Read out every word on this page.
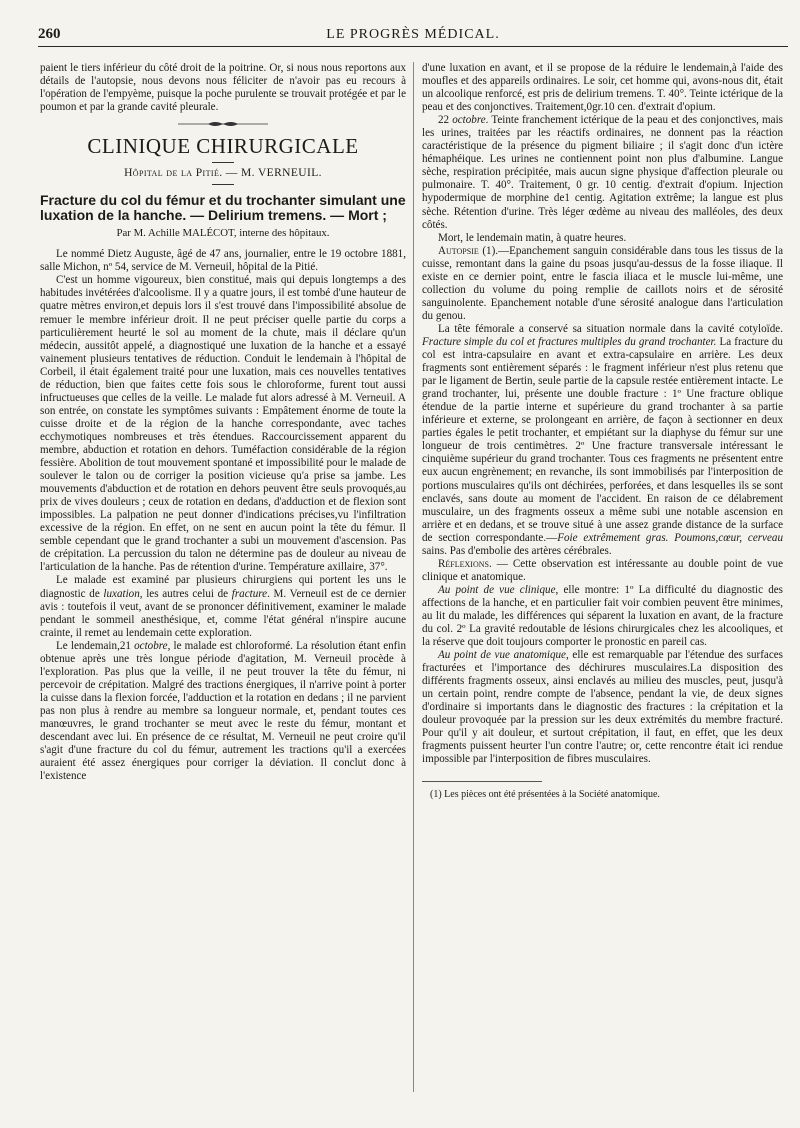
260	LE PROGRÈS MÉDICAL.

paient le tiers inférieur du côté droit de la poitrine. Or, si nous nous reportons aux détails de l'autopsie, nous devons nous féliciter de n'avoir pas eu recours à l'opération de l'empyème, puisque la poche purulente se trouvait protégée et par le poumon et par la grande cavité pleurale.

CLINIQUE CHIRURGICALE
Hôpital de la Pitié. — M. VERNEUIL.
Fracture du col du fémur et du trochanter simulant une luxation de la hanche. — Delirium tremens. — Mort ;
Par M. Achille MALÉCOT, interne des hôpitaux.

Le nommé Dietz Auguste, âgé de 47 ans, journalier, entre le 19 octobre 1881, salle Michon, nº 54, service de M. Verneuil, hôpital de la Pitié.

C'est un homme vigoureux, bien constitué, mais qui depuis longtemps a des habitudes invétérées d'alcoolisme. Il y a quatre jours, il est tombé d'une hauteur de quatre mètres environ,et depuis lors il s'est trouvé dans l'impossibilité absolue de remuer le membre inférieur droit. Il ne peut préciser quelle partie du corps a particulièrement heurté le sol au moment de la chute, mais il déclare qu'un médecin, aussitôt appelé, a diagnostiqué une luxation de la hanche et a essayé vainement plusieurs tentatives de réduction. Conduit le lendemain à l'hôpital de Corbeil, il était également traité pour une luxation, mais ces nouvelles tentatives de réduction, bien que faites cette fois sous le chloroforme, furent tout aussi infructueuses que celles de la veille. Le malade fut alors adressé à M. Verneuil. A son entrée, on constate les symptômes suivants : Empâtement énorme de toute la cuisse droite et de la région de la hanche correspondante, avec taches ecchymotiques nombreuses et très étendues. Raccourcissement apparent du membre, abduction et rotation en dehors. Tuméfaction considérable de la région fessière. Abolition de tout mouvement spontané et impossibilité pour le malade de soulever le talon ou de corriger la position vicieuse qu'a prise sa jambe. Les mouvements d'abduction et de rotation en dehors peuvent être seuls provoqués,au prix de vives douleurs ; ceux de rotation en dedans, d'adduction et de flexion sont impossibles. La palpation ne peut donner d'indications précises,vu l'infiltration excessive de la région. En effet, on ne sent en aucun point la tête du fémur. Il semble cependant que le grand trochanter a subi un mouvement d'ascension. Pas de crépitation. La percussion du talon ne détermine pas de douleur au niveau de l'articulation de la hanche. Pas de rétention d'urine. Température axillaire, 37°.

Le malade est examiné par plusieurs chirurgiens qui portent les uns le diagnostic de luxation, les autres celui de fracture. M. Verneuil est de ce dernier avis : toutefois il veut, avant de se prononcer définitivement, examiner le malade pendant le sommeil anesthésique, et, comme l'état général n'inspire aucune crainte, il remet au lendemain cette exploration.

Le lendemain,21 octobre, le malade est chloroformé. La résolution étant enfin obtenue après une très longue période d'agitation, M. Verneuil procède à l'exploration. Pas plus que la veille, il ne peut trouver la tête du fémur, ni percevoir de crépitation. Malgré des tractions énergiques, il n'arrive point à porter la cuisse dans la flexion forcée, l'adduction et la rotation en dedans ; il ne parvient pas non plus à rendre au membre sa longueur normale, et, pendant toutes ces manœuvres, le grand trochanter se meut avec le reste du fémur, montant et descendant avec lui. En présence de ce résultat, M. Verneuil ne peut croire qu'il s'agit d'une fracture du col du fémur, autrement les tractions qu'il a exercées auraient été assez énergiques pour corriger la déviation. Il conclut donc à l'existence

d'une luxation en avant, et il se propose de la réduire le lendemain,à l'aide des moufles et des appareils ordinaires. Le soir, cet homme qui, avons-nous dit, était un alcoolique renforcé, est pris de delirium tremens. T. 40°. Teinte ictérique de la peau et des conjonctives. Traitement,0gr.10 cen. d'extrait d'opium.

22 octobre. Teinte franchement ictérique de la peau et des conjonctives, mais les urines, traitées par les réactifs ordinaires, ne donnent pas la réaction caractéristique de la présence du pigment biliaire ; il s'agit donc d'un ictère hémaphéique. Les urines ne contiennent point non plus d'albumine. Langue sèche, respiration précipitée, mais aucun signe physique d'affection pleurale ou pulmonaire. T. 40°. Traitement, 0 gr. 10 centig. d'extrait d'opium. Injection hypodermique de morphine de1 centig. Agitation extrême; la langue est plus sèche. Rétention d'urine. Très léger œdème au niveau des malléoles, des deux côtés.

Mort, le lendemain matin, à quatre heures.

Autopsie (1).—Epanchement sanguin considérable dans tous les tissus de la cuisse, remontant dans la gaine du psoas jusqu'au-dessus de la fosse iliaque. Il existe en ce dernier point, entre le fascia iliaca et le muscle lui-même, une collection du volume du poing remplie de caillots noirs et de sérosité sanguinolente. Epanchement notable d'une sérosité analogue dans l'articulation du genou.

La tête fémorale a conservé sa situation normale dans la cavité cotyloïde. Fracture simple du col et fractures multiples du grand trochanter. La fracture du col est intra-capsulaire en avant et extra-capsulaire en arrière. Les deux fragments sont entièrement séparés : le fragment inférieur n'est plus retenu que par le ligament de Bertin, seule partie de la capsule restée entièrement intacte. Le grand trochanter, lui, présente une double fracture : 1º Une fracture oblique étendue de la partie interne et supérieure du grand trochanter à sa partie inférieure et externe, se prolongeant en arrière, de façon à sectionner en deux parties égales le petit trochanter, et empiétant sur la diaphyse du fémur sur une longueur de trois centimètres. 2º Une fracture transversale intéressant le cinquième supérieur du grand trochanter. Tous ces fragments ne présentent entre eux aucun engrènement; en revanche, ils sont immobilisés par l'interposition de portions musculaires qu'ils ont déchirées, perforées, et dans lesquelles ils se sont enclavés, sans doute au moment de l'accident. En raison de ce délabrement musculaire, un des fragments osseux a même subi une notable ascension en arrière et en dedans, et se trouve situé à une assez grande distance de la surface de section correspondante.—Foie extrêmement gras. Poumons,cœur, cerveau sains. Pas d'embolie des artères cérébrales.

Réflexions. — Cette observation est intéressante au double point de vue clinique et anatomique.

Au point de vue clinique, elle montre: 1º La difficulté du diagnostic des affections de la hanche, et en particulier fait voir combien peuvent être minimes, au lit du malade, les différences qui séparent la luxation en avant, de la fracture du col. 2º La gravité redoutable de lésions chirurgicales chez les alcooliques, et la réserve que doit toujours comporter le pronostic en pareil cas.

Au point de vue anatomique, elle est remarquable par l'étendue des surfaces fracturées et l'importance des déchirures musculaires.La disposition des différents fragments osseux, ainsi enclavés au milieu des muscles, peut, jusqu'à un certain point, rendre compte de l'absence, pendant la vie, de deux signes d'ordinaire si importants dans le diagnostic des fractures : la crépitation et la douleur provoquée par la pression sur les deux extrémités du membre fracturé. Pour qu'il y ait douleur, et surtout crépitation, il faut, en effet, que les deux fragments puissent heurter l'un contre l'autre; or, cette rencontre était ici rendue impossible par l'interposition de fibres musculaires.

(1) Les pièces ont été présentées à la Société anatomique.
